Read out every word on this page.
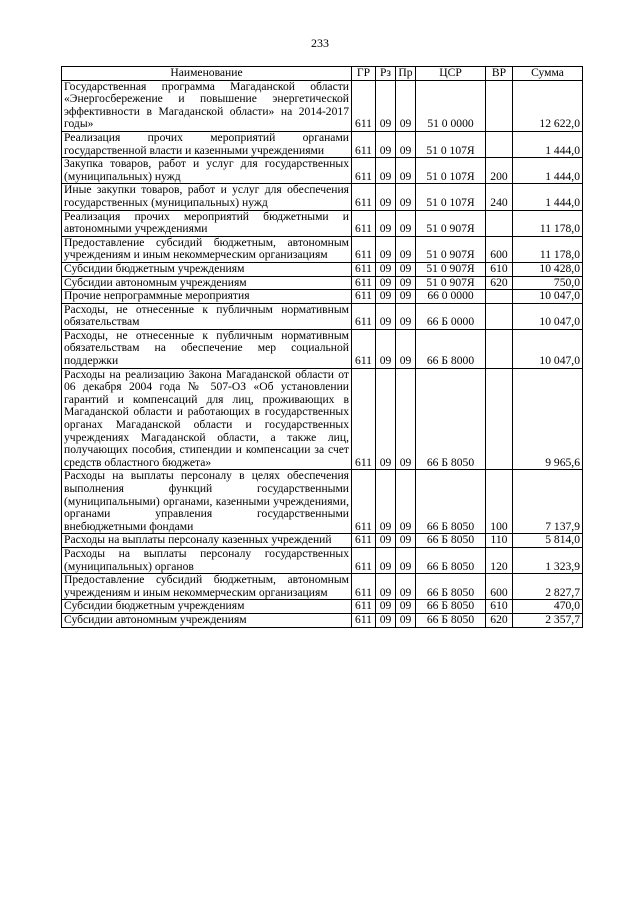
233
Наименование	ГР	Рз	Пр	ЦСР	ВР	Сумма
Государственная программа Магаданской области «Энергосбережение и повышение энергетической эффективности в Магаданской области» на 2014-2017 годы»	611	09	09	51 0 0000		12 622,0
Реализация прочих мероприятий органами государственной власти и казенными учреждениями	611	09	09	51 0 107Я		1 444,0
Закупка товаров, работ и услуг для государственных (муниципальных) нужд	611	09	09	51 0 107Я	200	1 444,0
Иные закупки товаров, работ и услуг для обеспечения государственных (муниципальных) нужд	611	09	09	51 0 107Я	240	1 444,0
Реализация прочих мероприятий бюджетными и автономными учреждениями	611	09	09	51 0 907Я		11 178,0
Предоставление субсидий бюджетным, автономным учреждениям и иным некоммерческим организациям	611	09	09	51 0 907Я	600	11 178,0
Субсидии бюджетным учреждениям	611	09	09	51 0 907Я	610	10 428,0
Субсидии автономным учреждениям	611	09	09	51 0 907Я	620	750,0
Прочие непрограммные мероприятия	611	09	09	66 0 0000		10 047,0
Расходы, не отнесенные к публичным нормативным обязательствам	611	09	09	66 Б 0000		10 047,0
Расходы, не отнесенные к публичным нормативным обязательствам на обеспечение мер социальной поддержки	611	09	09	66 Б 8000		10 047,0
Расходы на реализацию Закона Магаданской области от 06 декабря 2004 года № 507-ОЗ «Об установлении гарантий и компенсаций для лиц, проживающих в Магаданской области и работающих в государственных органах Магаданской области и государственных учреждениях Магаданской области, а также лиц, получающих пособия, стипендии и компенсации за счет средств областного бюджета»	611	09	09	66 Б 8050		9 965,6
Расходы на выплаты персоналу в целях обеспечения выполнения функций государственными (муниципальными) органами, казенными учреждениями, органами управления государственными внебюджетными фондами	611	09	09	66 Б 8050	100	7 137,9
Расходы на выплаты персоналу казенных учреждений	611	09	09	66 Б 8050	110	5 814,0
Расходы на выплаты персоналу государственных (муниципальных) органов	611	09	09	66 Б 8050	120	1 323,9
Предоставление субсидий бюджетным, автономным учреждениям и иным некоммерческим организациям	611	09	09	66 Б 8050	600	2 827,7
Субсидии бюджетным учреждениям	611	09	09	66 Б 8050	610	470,0
Субсидии автономным учреждениям	611	09	09	66 Б 8050	620	2 357,7
